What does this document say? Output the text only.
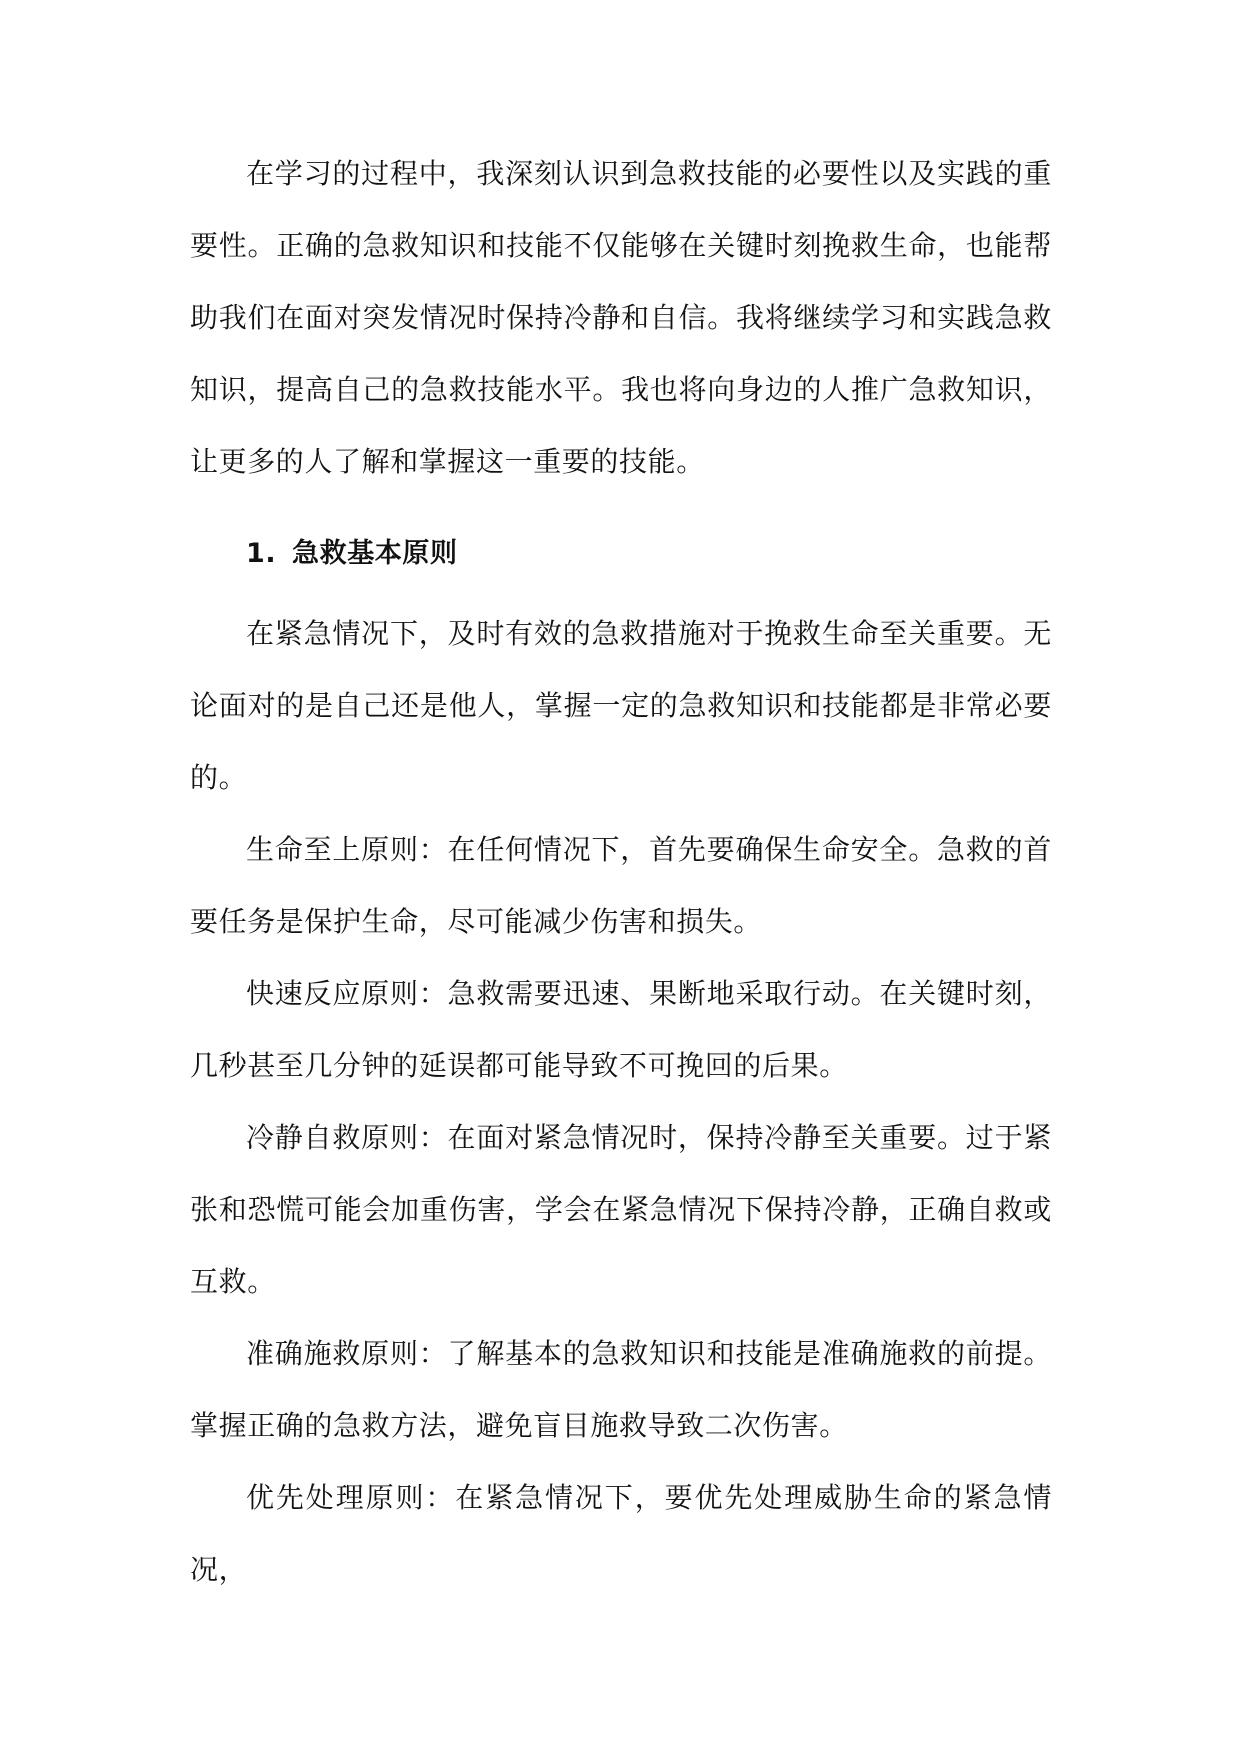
在学习的过程中，我深刻认识到急救技能的必要性以及实践的重要性。正确的急救知识和技能不仅能够在关键时刻挽救生命，也能帮助我们在面对突发情况时保持冷静和自信。我将继续学习和实践急救知识，提高自己的急救技能水平。我也将向身边的人推广急救知识，让更多的人了解和掌握这一重要的技能。

1. 急救基本原则

在紧急情况下，及时有效的急救措施对于挽救生命至关重要。无论面对的是自己还是他人，掌握一定的急救知识和技能都是非常必要的。

生命至上原则：在任何情况下，首先要确保生命安全。急救的首要任务是保护生命，尽可能减少伤害和损失。

快速反应原则：急救需要迅速、果断地采取行动。在关键时刻，几秒甚至几分钟的延误都可能导致不可挽回的后果。

冷静自救原则：在面对紧急情况时，保持冷静至关重要。过于紧张和恐慌可能会加重伤害，学会在紧急情况下保持冷静，正确自救或互救。

准确施救原则：了解基本的急救知识和技能是准确施救的前提。掌握正确的急救方法，避免盲目施救导致二次伤害。

优先处理原则：在紧急情况下，要优先处理威胁生命的紧急情况，
